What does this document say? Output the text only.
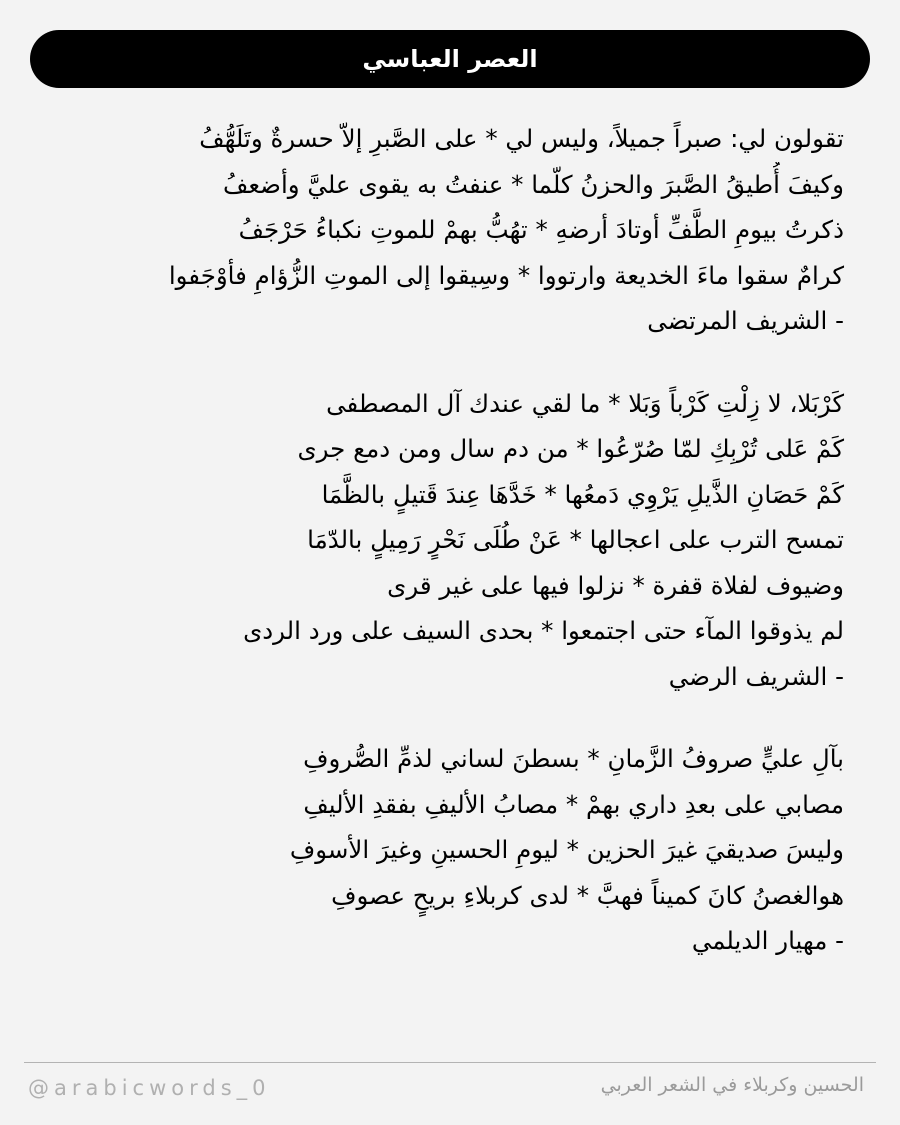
العصر العباسي
تقولون لي: صبراً جميلاً، وليس لي * على الصَّبرِ إلاّ حسرةٌ وتَلَهُّفُ
وكيفَ أُطيقُ الصَّبرَ والحزنُ كلّما * عنفتُ به يقوى عليَّ وأضعفُ
ذكرتُ بيومِ الطَّفِّ أوتادَ أرضهِ * تهُبُّ بهمْ للموتِ نكباءُ حَرْجَفُ
كرامٌ سقوا ماءَ الخديعة وارتووا * وسِيقوا إلى الموتِ الزُّؤامِ فأوْجَفوا
- الشريف المرتضى
كَرْبَلا، لا زِلْتِ كَرْباً وَبَلا * ما لقي عندك آل المصطفى
كَمْ عَلى تُرْبِكِ لمّا صُرّعُوا * من دم سال ومن دمع جرى
كَمْ حَصَانِ الذَّيلِ يَرْوِي دَمعُها * خَدَّهَا عِندَ قَتيلٍ بالظَّمَا
تمسح الترب على اعجالها * عَنْ طُلَى نَحْرٍ رَمِيلٍ بالدّمَا
وضيوف لفلاة قفرة * نزلوا فيها على غير قرى
لم يذوقوا المآء حتى اجتمعوا * بحدى السيف على ورد الردى
- الشريف الرضي
بآلِ عليٍّ صروفُ الزَّمانِ * بسطنَ لساني لذمِّ الصُّروفِ
مصابي على بعدِ داري بهمْ * مصابُ الأليفِ بفقدِ الأليفِ
وليسَ صديقيَ غيرَ الحزين * ليومِ الحسينِ وغيرَ الأسوفِ
هوالغصنُ كانَ كميناً فهبَّ * لدى كربلاءِ بريحٍ عصوفِ
- مهيار الديلمي
الحسين وكربلاء في الشعر العربي
@arabicwords_0
